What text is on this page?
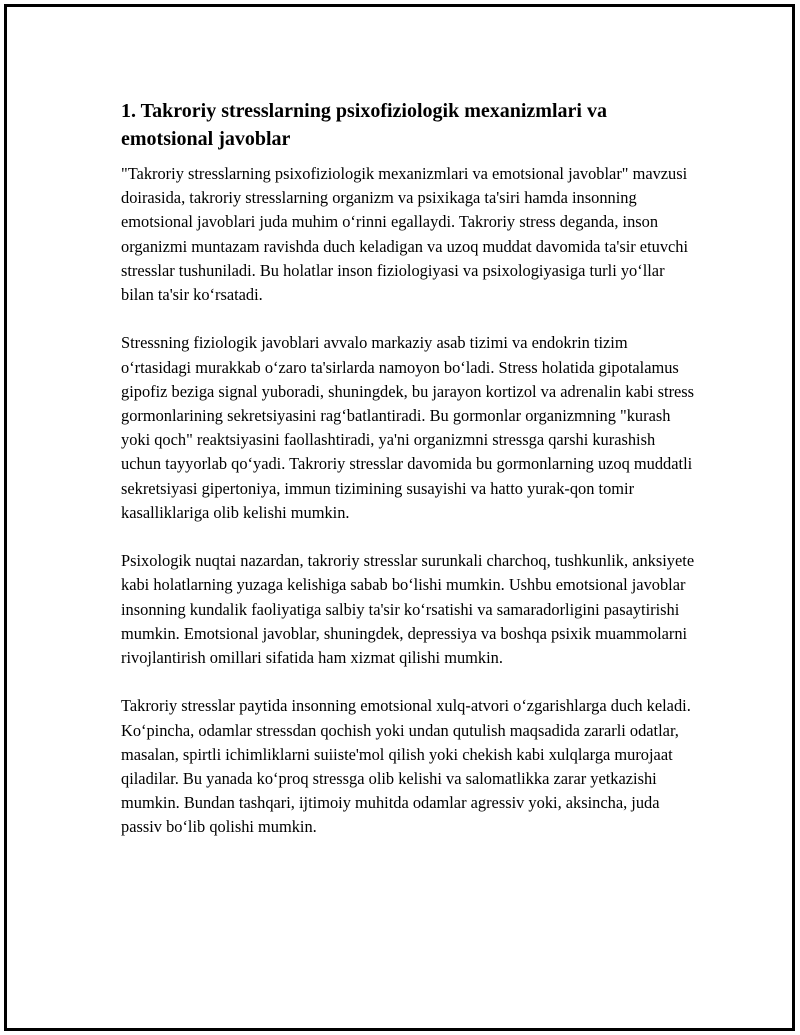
1. Takroriy stresslarning psixofiziologik mexanizmlari va emotsional javoblar

"Takroriy stresslarning psixofiziologik mexanizmlari va emotsional javoblar" mavzusi doirasida, takroriy stresslarning organizm va psixikaga ta'siri hamda insonning emotsional javoblari juda muhim oʻrinni egallaydi. Takroriy stress deganda, inson organizmi muntazam ravishda duch keladigan va uzoq muddat davomida ta'sir etuvchi stresslar tushuniladi. Bu holatlar inson fiziologiyasi va psixologiyasiga turli yoʻllar bilan ta'sir koʻrsatadi.

Stressning fiziologik javoblari avvalo markaziy asab tizimi va endokrin tizim oʻrtasidagi murakkab oʻzaro ta'sirlarda namoyon boʻladi. Stress holatida gipotalamus gipofiz beziga signal yuboradi, shuningdek, bu jarayon kortizol va adrenalin kabi stress gormonlarining sekretsiyasini ragʻbatlantiradi. Bu gormonlar organizmning "kurash yoki qoch" reaktsiyasini faollashtiradi, ya'ni organizmni stressga qarshi kurashish uchun tayyorlab qoʻyadi. Takroriy stresslar davomida bu gormonlarning uzoq muddatli sekretsiyasi gipertoniya, immun tizimining susayishi va hatto yurak-qon tomir kasalliklariga olib kelishi mumkin.

Psixologik nuqtai nazardan, takroriy stresslar surunkali charchoq, tushkunlik, anksiyete kabi holatlarning yuzaga kelishiga sabab boʻlishi mumkin. Ushbu emotsional javoblar insonning kundalik faoliyatiga salbiy ta'sir koʻrsatishi va samaradorligini pasaytirishi mumkin. Emotsional javoblar, shuningdek, depressiya va boshqa psixik muammolarni rivojlantirish omillari sifatida ham xizmat qilishi mumkin.

Takroriy stresslar paytida insonning emotsional xulq-atvori oʻzgarishlarga duch keladi. Koʻpincha, odamlar stressdan qochish yoki undan qutulish maqsadida zararli odatlar, masalan, spirtli ichimliklarni suiiste'mol qilish yoki chekish kabi xulqlarga murojaat qiladilar. Bu yanada koʻproq stressga olib kelishi va salomatlikka zarar yetkazishi mumkin. Bundan tashqari, ijtimoiy muhitda odamlar agressiv yoki, aksincha, juda passiv boʻlib qolishi mumkin.
